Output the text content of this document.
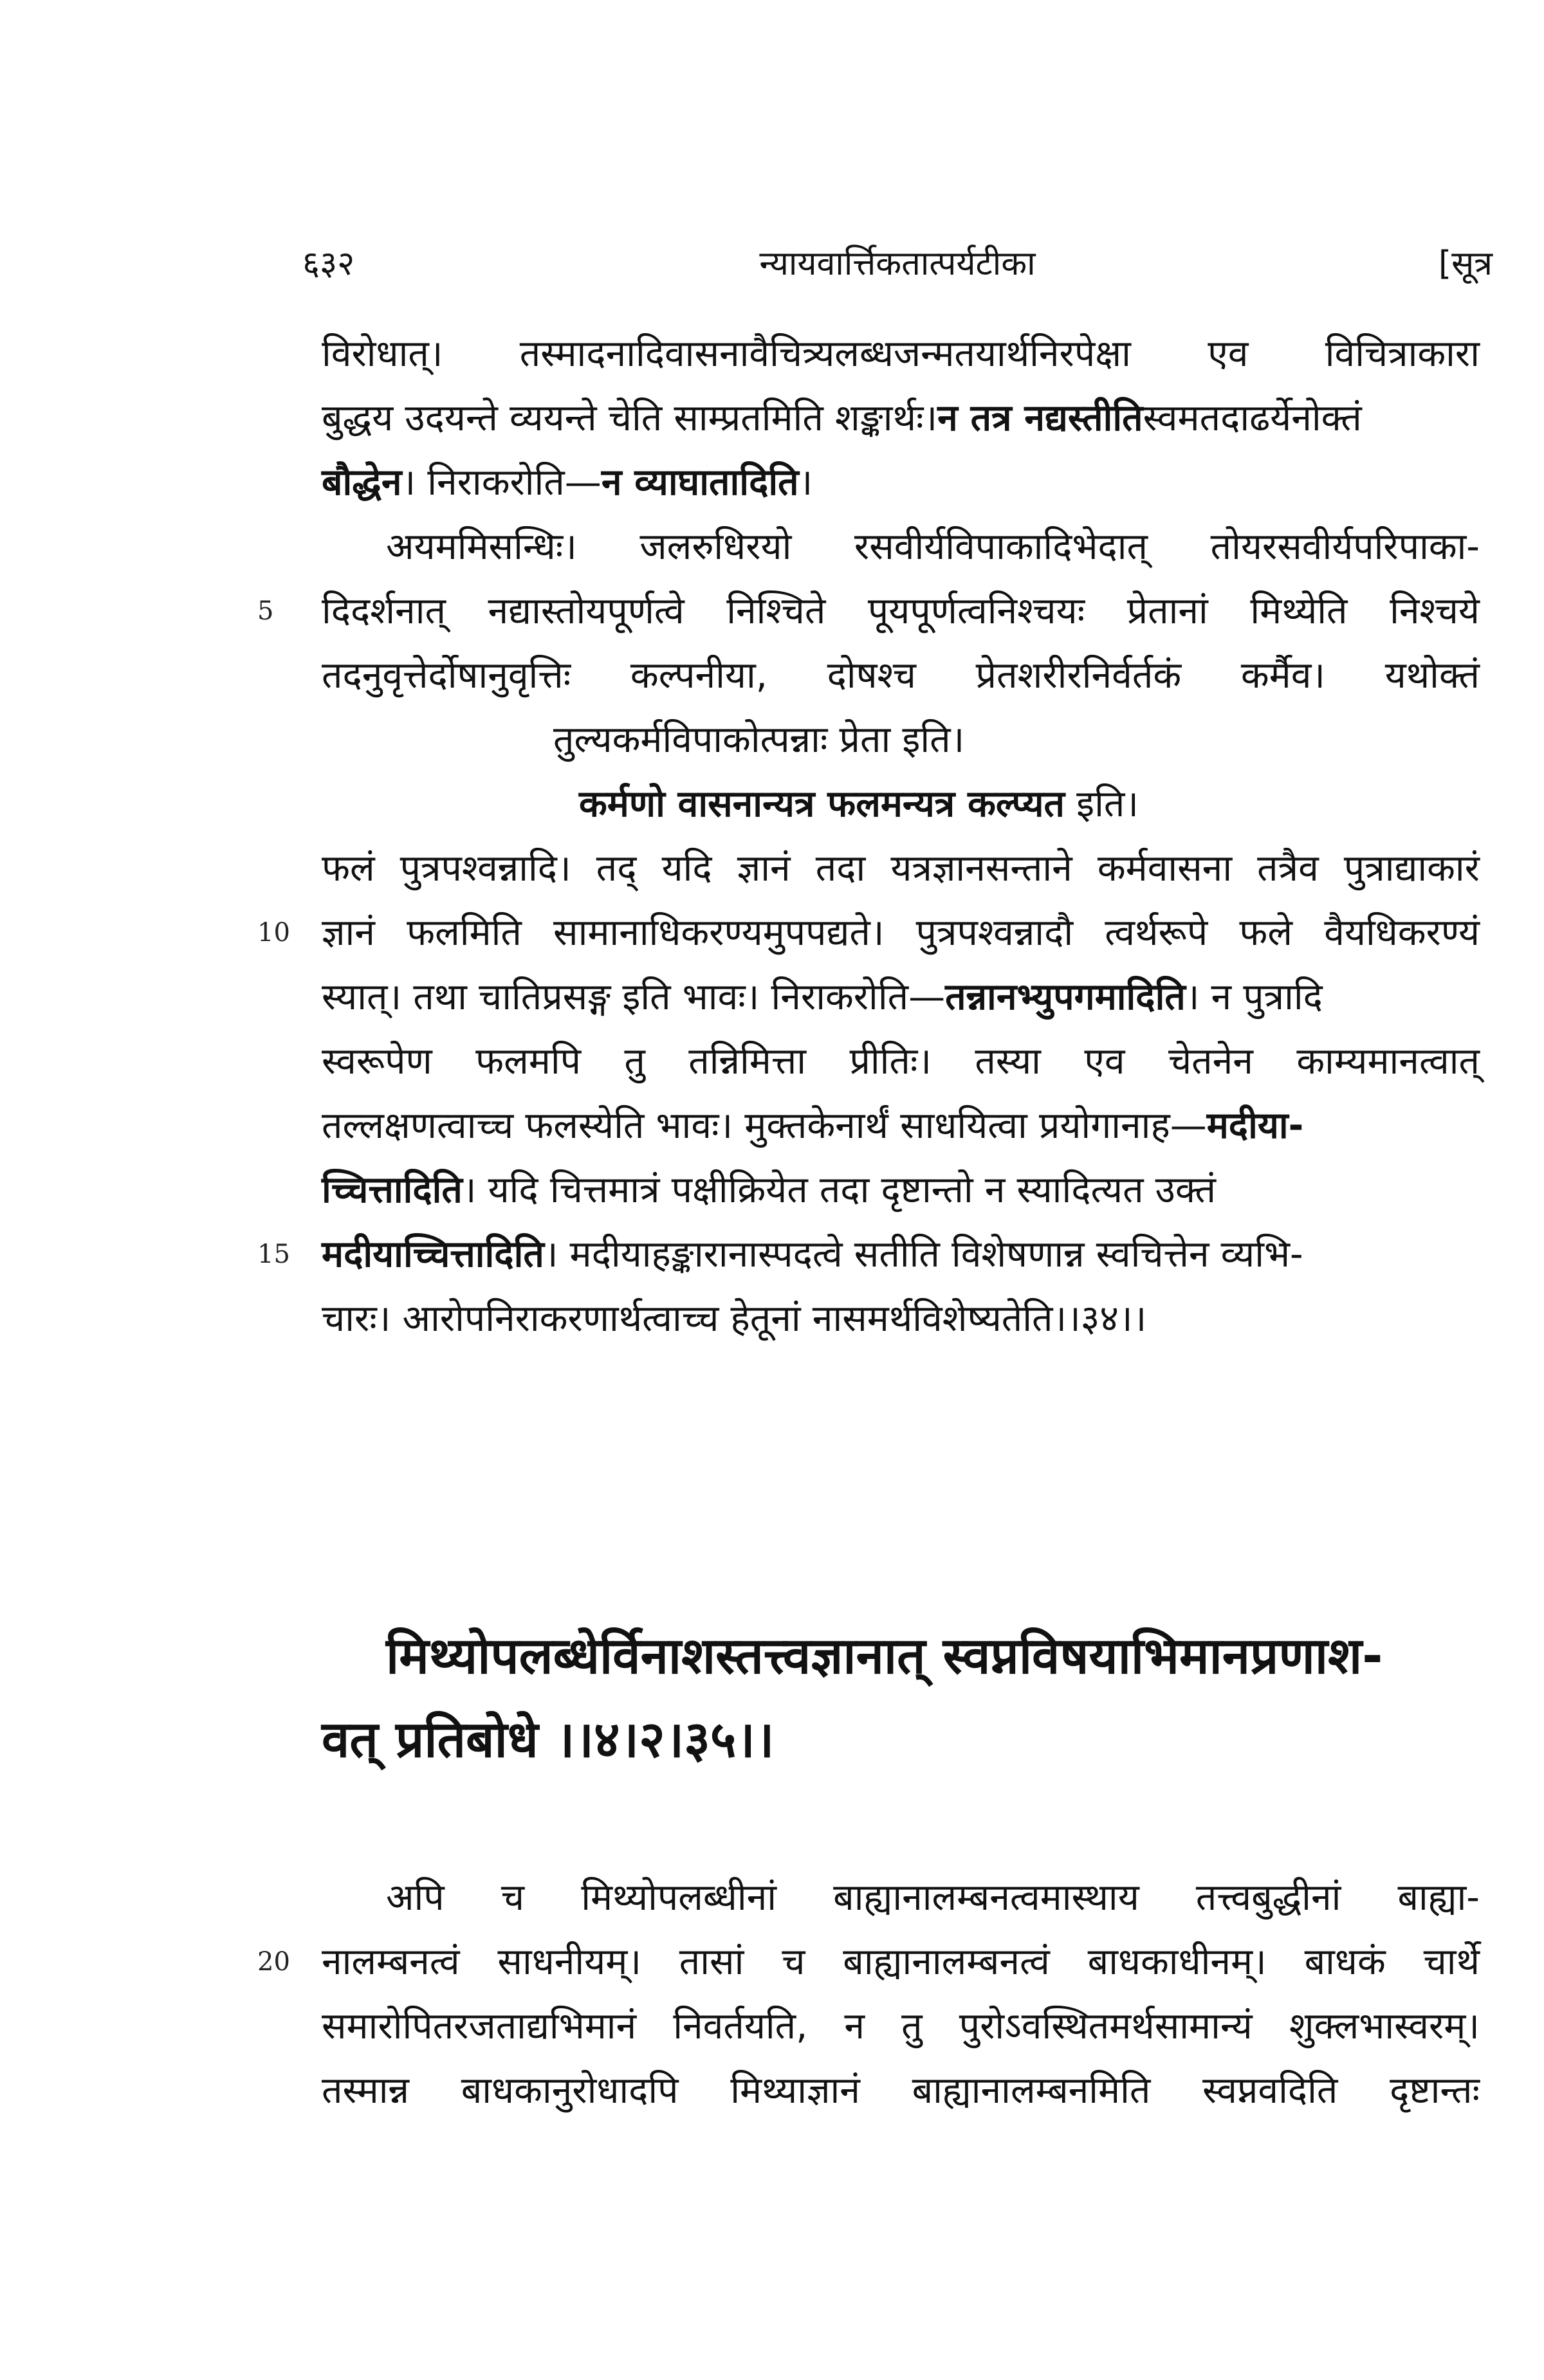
६३२	न्यायवार्त्तिकतात्पर्यटीका	[सूत्र
विरोधात्। तस्मादनादिवासनावैचित्र्यलब्धजन्मतयार्थनिरपेक्षा एव विचित्राकारा
बुद्धय उदयन्ते व्ययन्ते चेति साम्प्रतमिति शङ्कार्थः।न तत्र नद्यस्तीतिस्वमतदाढर्येनोक्तं
बौद्धेन। निराकरोति—न व्याघातादिति।
अयममिसन्धिः। जलरुधिरयो रसवीर्यविपाकादिभेदात् तोयरसवीर्यपरिपाका-
5	दिदर्शनात् नद्यास्तोयपूर्णत्वे निश्चिते पूयपूर्णत्वनिश्चयः प्रेतानां मिथ्येति निश्चये
तदनुवृत्तेर्दोषानुवृत्तिः कल्पनीया, दोषश्च प्रेतशरीरनिर्वर्तकं कर्मैव। यथोक्तं
तुल्यकर्मविपाकोत्पन्नाः प्रेता इति।
कर्मणो वासनान्यत्र फलमन्यत्र कल्प्यत इति।
फलं पुत्रपश्वन्नादि। तद् यदि ज्ञानं तदा यत्रज्ञानसन्ताने कर्मवासना तत्रैव पुत्राद्याकारं
10 ज्ञानं फलमिति सामानाधिकरण्यमुपपद्यते। पुत्रपश्वन्नादौ त्वर्थरूपे फले वैयधिकरण्यं
स्यात्। तथा चातिप्रसङ्ग इति भावः। निराकरोति—तन्नानभ्युपगमादिति। न पुत्रादि
स्वरूपेण फलमपि तु तन्निमित्ता प्रीतिः। तस्या एव चेतनेन काम्यमानत्वात्
तल्लक्षणत्वाच्च फलस्येति भावः। मुक्तकेनार्थं साधयित्वा प्रयोगानाह—मदीया-
च्चित्तादिति। यदि चित्तमात्रं पक्षीक्रियेत तदा दृष्टान्तो न स्यादित्यत उक्तं
15 मदीयाच्चित्तादिति। मदीयाहङ्कारानास्पदत्वे सतीति विशेषणान्न स्वचित्तेन व्यभि-
चारः। आरोपनिराकरणार्थत्वाच्च हेतूनां नासमर्थविशेष्यतेति।।३४।।
मिथ्योपलब्धेर्विनाशस्तत्त्वज्ञानात् स्वप्नविषयाभिमानप्रणाश-
वत् प्रतिबोधे ।।४।२।३५।।
अपि च मिथ्योपलब्धीनां बाह्यानालम्बनत्वमास्थाय तत्त्वबुद्धीनां बाह्या-
20 नालम्बनत्वं साधनीयम्। तासां च बाह्यानालम्बनत्वं बाधकाधीनम्। बाधकं चार्थे
समारोपितरजताद्यभिमानं निवर्तयति, न तु पुरोऽवस्थितमर्थसामान्यं शुक्लभास्वरम्।
तस्मान्न बाधकानुरोधादपि मिथ्याज्ञानं बाह्यानालम्बनमिति स्वप्नवदिति दृष्टान्तः
